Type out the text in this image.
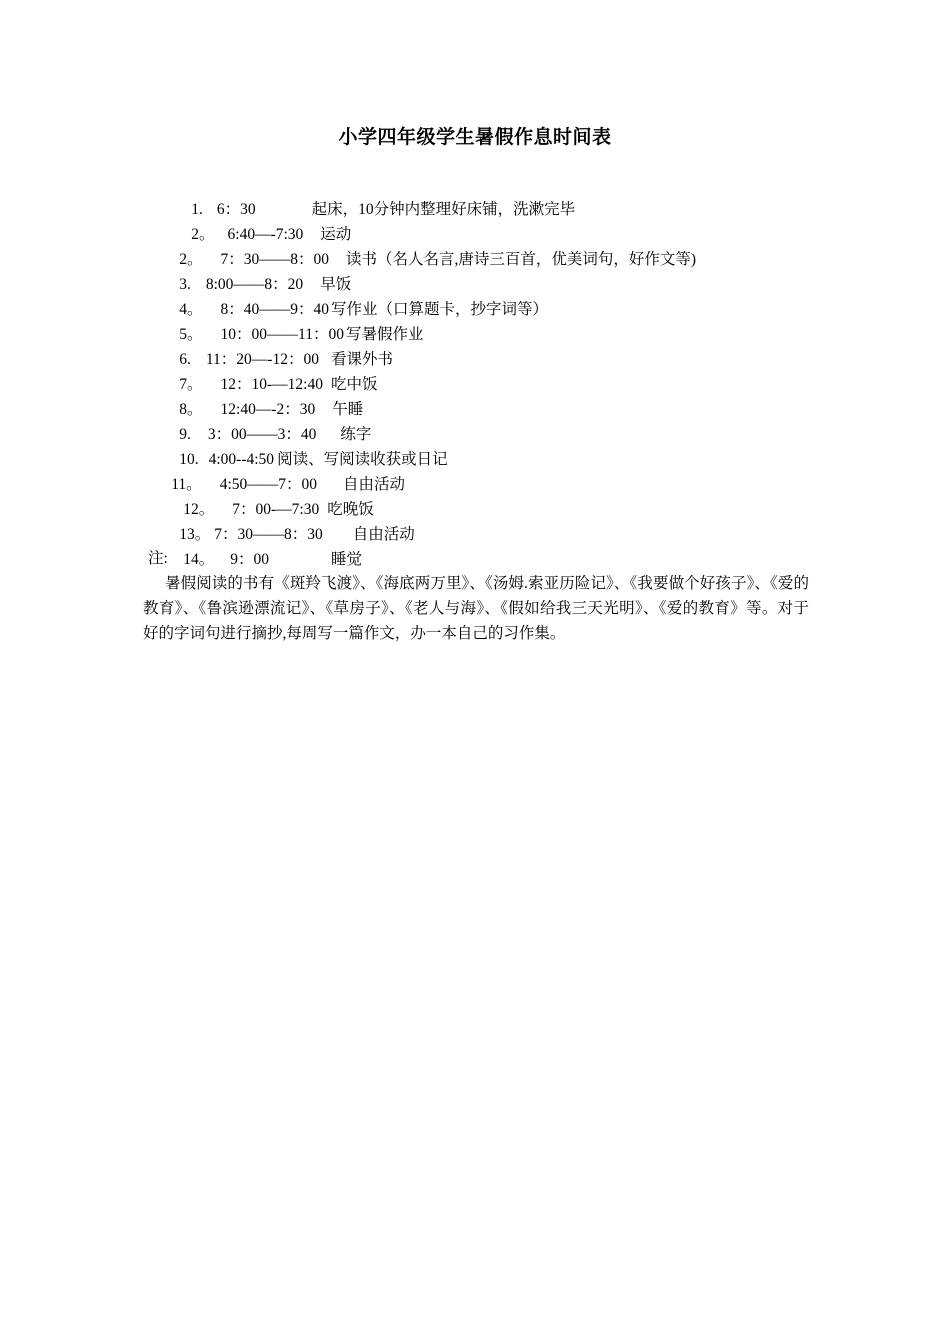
小学四年级学生暑假作息时间表

1. 6：30	起床，10分钟内整理好床铺，洗漱完毕

2。 6:40—-7:30 运动

2。 7：30——8：00 读书（名人名言,唐诗三百首，优美词句，好作文等)

3. 8:00——8：20 早饭

4。 8：40——9：40 写作业（口算题卡，抄字词等）

5。 10：00——11：00 写暑假作业

6. 11：20—-12：00 看课外书

7。 12：10-—12:40 吃中饭

8。 12:40—-2：30 午睡

9. 3：00——3：40 练字

10. 4:00--4:50 阅读、写阅读收获或日记

11。 4:50——7：00 自由活动

12。 7：00-—7:30 吃晚饭

13。 7：30——8：30 自由活动

14。 9：00	睡觉

注:
暑假阅读的书有《斑羚飞渡》、《海底两万里》、《汤姆.索亚历险记》、《我要做个好孩子》、《爱的教育》、《鲁滨逊漂流记》、《草房子》、《老人与海》、《假如给我三天光明》、《爱的教育》等。对于好的字词句进行摘抄,每周写一篇作文，办一本自己的习作集。
